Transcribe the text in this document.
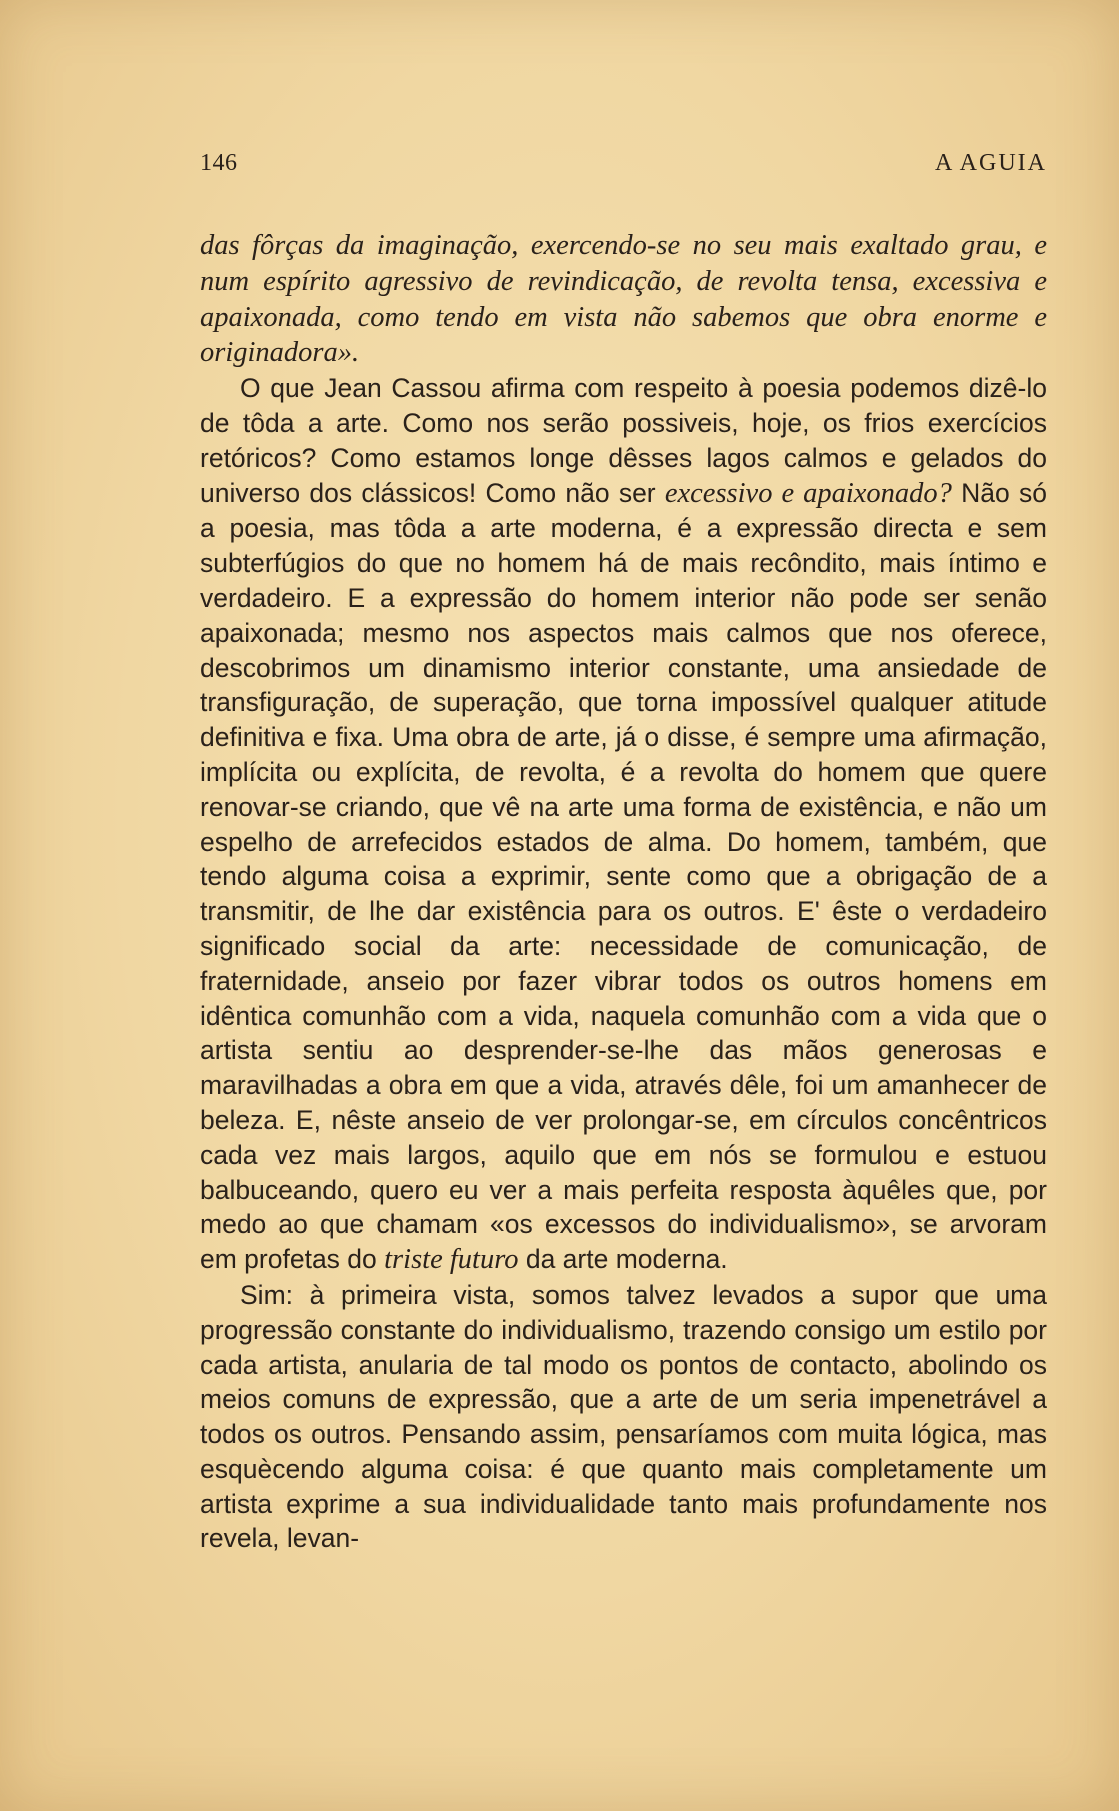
146	A AGUIA

das fôrças da imaginação, exercendo-se no seu mais exaltado grau, e num espírito agressivo de revindicação, de revolta tensa, excessiva e apaixonada, como tendo em vista não sabemos que obra enorme e originadora».

O que Jean Cassou afirma com respeito à poesia podemos dizê-lo de tôda a arte. Como nos serão possiveis, hoje, os frios exercícios retóricos? Como estamos longe dêsses lagos calmos e gelados do universo dos clássicos! Como não ser excessivo e apaixonado? Não só a poesia, mas tôda a arte moderna, é a expressão directa e sem subterfúgios do que no homem há de mais recôndito, mais íntimo e verdadeiro. E a expressão do homem interior não pode ser senão apaixonada; mesmo nos aspectos mais calmos que nos oferece, descobrimos um dinamismo interior constante, uma ansiedade de transfiguração, de superação, que torna impossível qualquer atitude definitiva e fixa. Uma obra de arte, já o disse, é sempre uma afirmação, implícita ou explícita, de revolta, é a revolta do homem que quere renovar-se criando, que vê na arte uma forma de existência, e não um espelho de arrefecidos estados de alma. Do homem, também, que tendo alguma coisa a exprimir, sente como que a obrigação de a transmitir, de lhe dar existência para os outros. E' êste o verdadeiro significado social da arte: necessidade de comunicação, de fraternidade, anseio por fazer vibrar todos os outros homens em idêntica comunhão com a vida, naquela comunhão com a vida que o artista sentiu ao desprender-se-lhe das mãos generosas e maravilhadas a obra em que a vida, através dêle, foi um amanhecer de beleza. E, nêste anseio de ver prolongar-se, em círculos concêntricos cada vez mais largos, aquilo que em nós se formulou e estuou balbuceando, quero eu ver a mais perfeita resposta àquêles que, por medo ao que chamam «os excessos do individualismo», se arvoram em profetas do triste futuro da arte moderna.

Sim: à primeira vista, somos talvez levados a supor que uma progressão constante do individualismo, trazendo consigo um estilo por cada artista, anularia de tal modo os pontos de contacto, abolindo os meios comuns de expressão, que a arte de um seria impenetrável a todos os outros. Pensando assim, pensaríamos com muita lógica, mas esquècendo alguma coisa: é que quanto mais completamente um artista exprime a sua individualidade tanto mais profundamente nos revela, levan-
